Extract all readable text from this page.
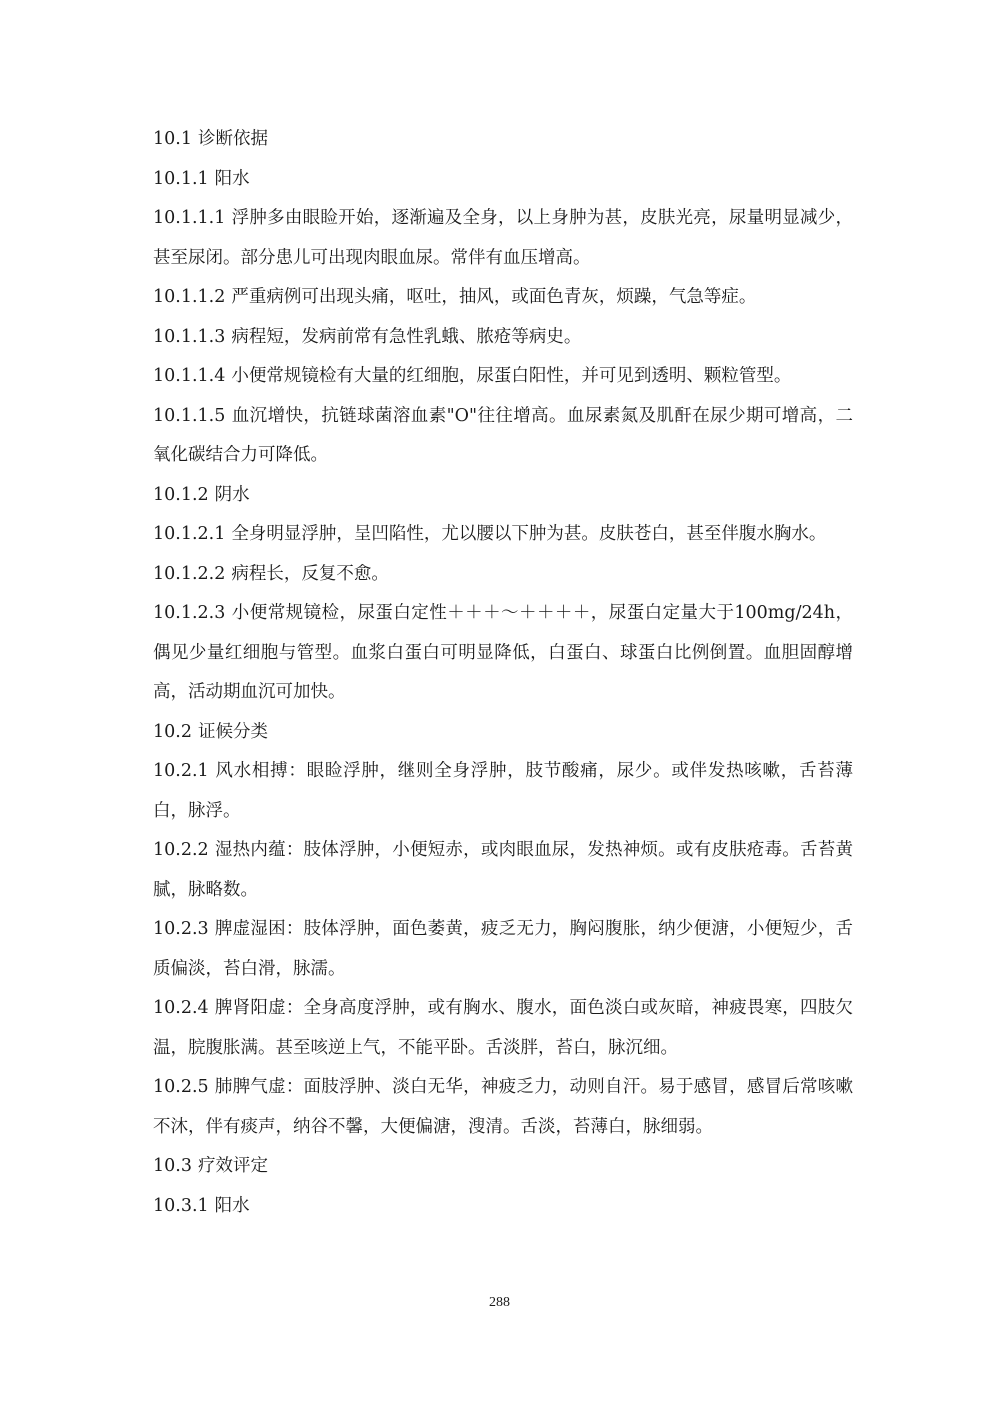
10.1 诊断依据

10.1.1 阳水

10.1.1.1 浮肿多由眼睑开始，逐渐遍及全身，以上身肿为甚，皮肤光亮，尿量明显减少，甚至尿闭。部分患儿可出现肉眼血尿。常伴有血压增高。

10.1.1.2 严重病例可出现头痛，呕吐，抽风，或面色青灰，烦躁，气急等症。

10.1.1.3 病程短，发病前常有急性乳蛾、脓疮等病史。

10.1.1.4 小便常规镜检有大量的红细胞，尿蛋白阳性，并可见到透明、颗粒管型。

10.1.1.5 血沉增快，抗链球菌溶血素"O"往往增高。血尿素氮及肌酐在尿少期可增高，二氧化碳结合力可降低。

10.1.2 阴水

10.1.2.1 全身明显浮肿，呈凹陷性，尤以腰以下肿为甚。皮肤苍白，甚至伴腹水胸水。

10.1.2.2 病程长，反复不愈。

10.1.2.3 小便常规镜检，尿蛋白定性＋＋＋～＋＋＋＋，尿蛋白定量大于100mg/24h，偶见少量红细胞与管型。血浆白蛋白可明显降低，白蛋白、球蛋白比例倒置。血胆固醇增高，活动期血沉可加快。

10.2 证候分类

10.2.1 风水相搏：眼睑浮肿，继则全身浮肿，肢节酸痛，尿少。或伴发热咳嗽，舌苔薄白，脉浮。

10.2.2 湿热内蕴：肢体浮肿，小便短赤，或肉眼血尿，发热神烦。或有皮肤疮毒。舌苔黄腻，脉略数。

10.2.3 脾虚湿困：肢体浮肿，面色萎黄，疲乏无力，胸闷腹胀，纳少便溏，小便短少，舌质偏淡，苔白滑，脉濡。

10.2.4 脾肾阳虚：全身高度浮肿，或有胸水、腹水，面色淡白或灰暗，神疲畏寒，四肢欠温，脘腹胀满。甚至咳逆上气，不能平卧。舌淡胖，苔白，脉沉细。

10.2.5 肺脾气虚：面肢浮肿、淡白无华，神疲乏力，动则自汗。易于感冒，感冒后常咳嗽不沐，伴有痰声，纳谷不馨，大便偏溏，溲清。舌淡，苔薄白，脉细弱。

10.3 疗效评定

10.3.1 阳水

288
